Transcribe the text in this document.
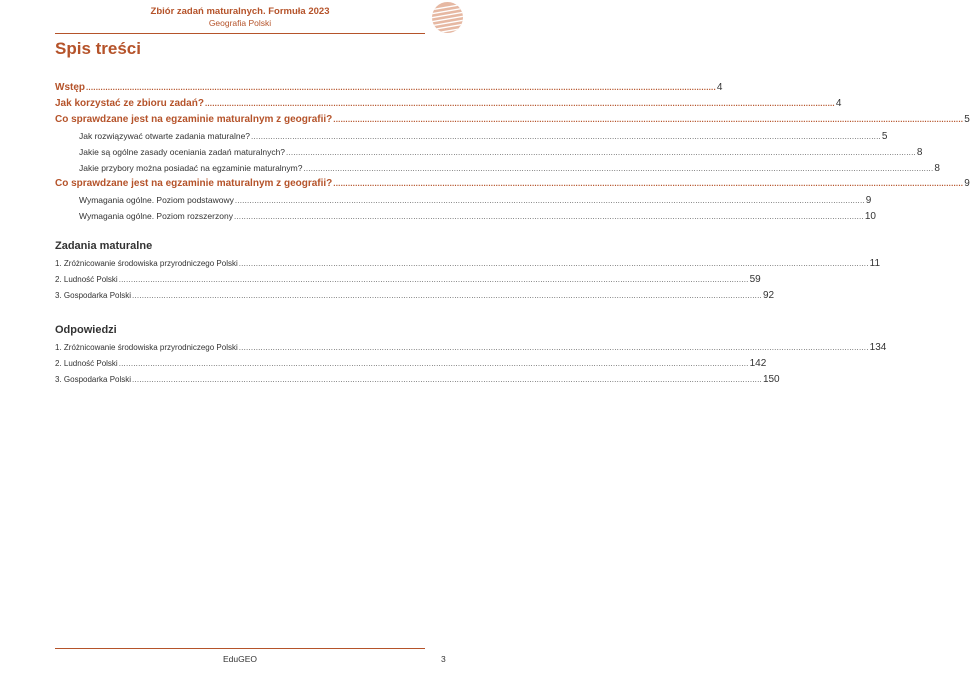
Zbiór zadań maturalnych. Formuła 2023
Geografia Polski
Spis treści
Wstęp .................................................................................................................................................................................................................................................................... 4
Jak korzystać ze zbioru zadań? .................................................................................................................................................................................................................................................................... 4
Co sprawdzane jest na egzaminie maturalnym z geografii? .................................................................................................................................................................................................................................................................... 5
Jak rozwiązywać otwarte zadania maturalne? .................................................................................................................................................................................................................................................................... 5
Jakie są ogólne zasady oceniania zadań maturalnych? .................................................................................................................................................................................................................................................................... 8
Jakie przybory można posiadać na egzaminie maturalnym? .................................................................................................................................................................................................................................................................... 8
Co sprawdzane jest na egzaminie maturalnym z geografii? .................................................................................................................................................................................................................................................................... 9
Wymagania ogólne. Poziom podstawowy .................................................................................................................................................................................................................................................................... 9
Wymagania ogólne. Poziom rozszerzony .................................................................................................................................................................................................................................................................... 10
Zadania maturalne
1. Zróżnicowanie środowiska przyrodniczego Polski .................................................................................................................................................................................................................................................................... 11
2. Ludność Polski .................................................................................................................................................................................................................................................................... 59
3. Gospodarka Polski .................................................................................................................................................................................................................................................................... 92
Odpowiedzi
1. Zróżnicowanie środowiska przyrodniczego Polski .................................................................................................................................................................................................................................................................... 134
2. Ludność Polski .................................................................................................................................................................................................................................................................... 142
3. Gospodarka Polski .................................................................................................................................................................................................................................................................... 150
EduGEO	3
